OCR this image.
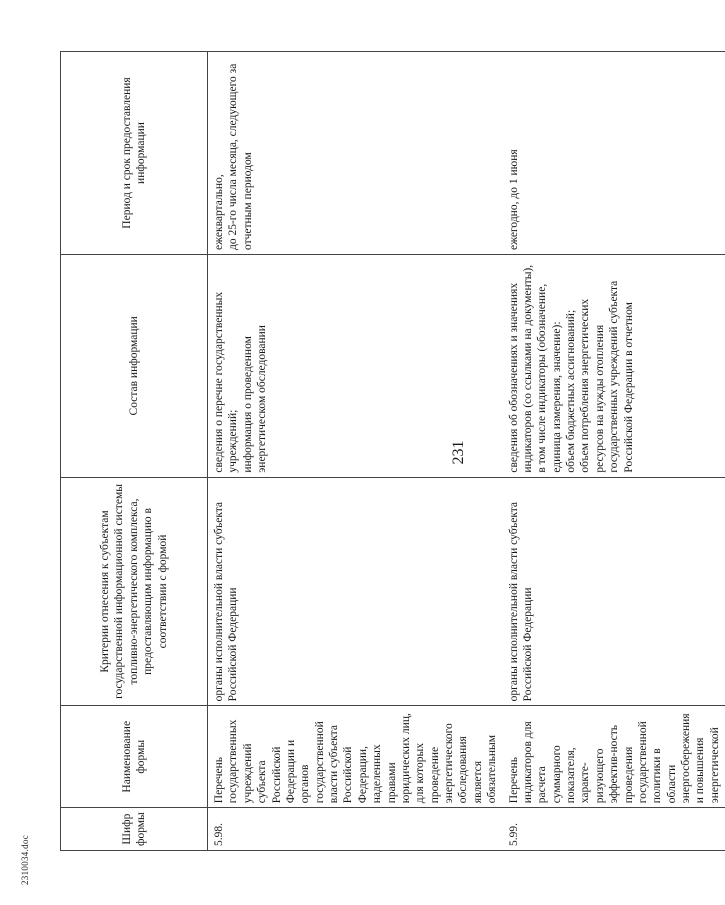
2310034.doc
231
Шифр формы	Наименование формы	Критерии отнесения к субъектам государственной информационной системы топливно-энергетического комплекса, предоставляющим информацию в соответствии с формой	Состав информации	Период и срок предоставления информации
5.98.	Перечень государственных учреждений субъекта Российской Федерации и органов государственной власти субъекта Российской Федерации, наделенных правами юридических лиц, для которых проведение энергетического обследования является обязательным	органы исполнительной власти субъекта Российской Федерации	сведения о перечне государственных учреждений;
информация о проведенном энергетическом обследовании	ежеквартально,
до 25-го числа месяца, следующего за отчетным периодом
5.99.	Перечень индикаторов для расчета суммарного показателя, характе-ризующего эффектив-ность проведения государственной политики в области энергосбережения и повышения энергетической	органы исполнительной власти субъекта Российской Федерации	сведения об обозначениях и значениях индикаторов (со ссылками на документы), в том числе индикаторы (обозначение, единица измерения, значение):
объем бюджетных ассигнований;
объем потребления энергетических ресурсов на нужды отопления государственных учреждений субъекта Российской Федерации в отчетном	ежегодно, до 1 июня
